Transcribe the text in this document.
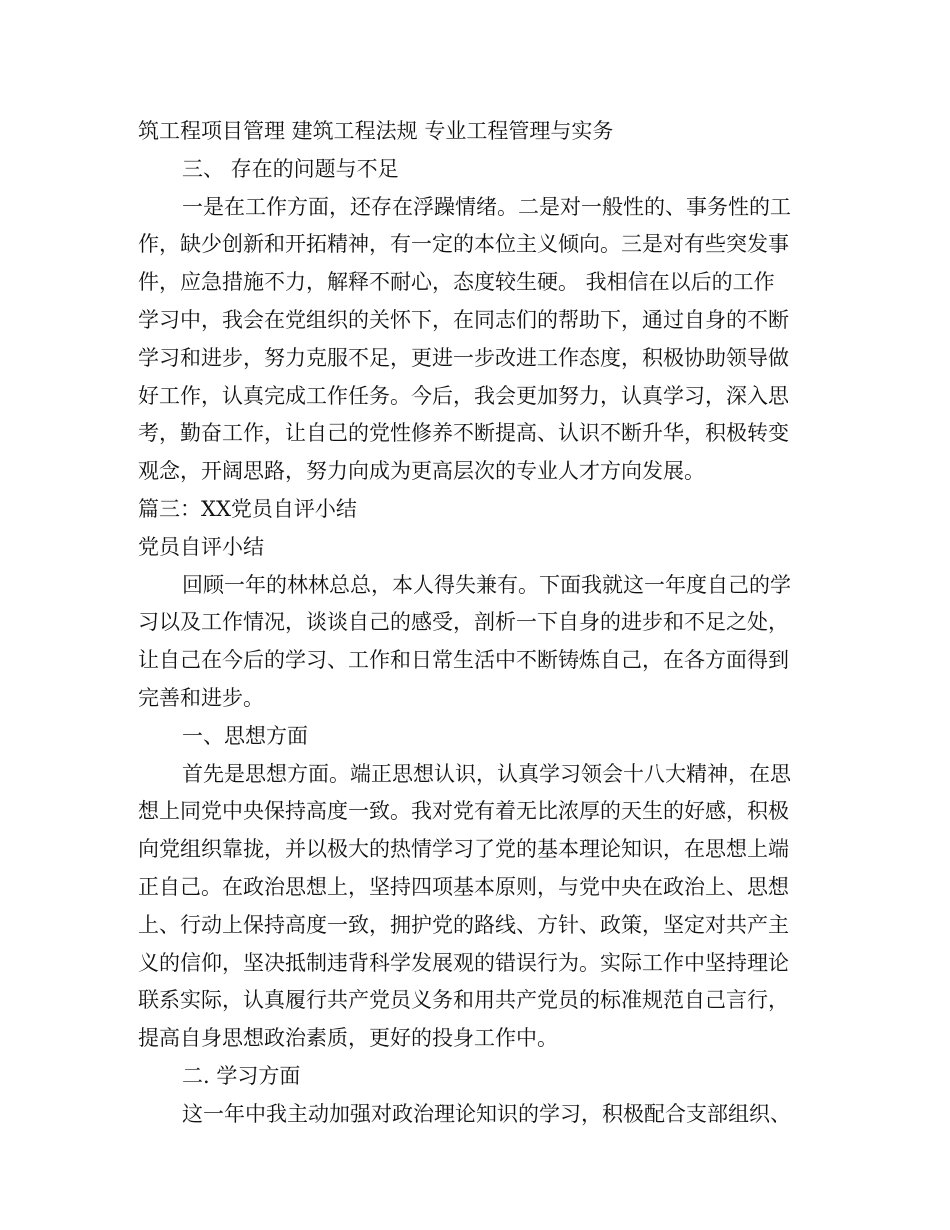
筑工程项目管理 建筑工程法规 专业工程管理与实务
三、 存在的问题与不足
一是在工作方面，还存在浮躁情绪。二是对一般性的、事务性的工
作，缺少创新和开拓精神，有一定的本位主义倾向。三是对有些突发事
件，应急措施不力，解释不耐心，态度较生硬。 我相信在以后的工作
学习中，我会在党组织的关怀下，在同志们的帮助下，通过自身的不断
学习和进步，努力克服不足，更进一步改进工作态度，积极协助领导做
好工作，认真完成工作任务。今后，我会更加努力，认真学习，深入思
考，勤奋工作，让自己的党性修养不断提高、认识不断升华，积极转变
观念，开阔思路，努力向成为更高层次的专业人才方向发展。
篇三：XX党员自评小结
党员自评小结
回顾一年的林林总总，本人得失兼有。下面我就这一年度自己的学
习以及工作情况，谈谈自己的感受，剖析一下自身的进步和不足之处，
让自己在今后的学习、工作和日常生活中不断铸炼自己，在各方面得到
完善和进步。
一、思想方面
首先是思想方面。端正思想认识，认真学习领会十八大精神，在思
想上同党中央保持高度一致。我对党有着无比浓厚的天生的好感，积极
向党组织靠拢，并以极大的热情学习了党的基本理论知识，在思想上端
正自己。在政治思想上，坚持四项基本原则，与党中央在政治上、思想
上、行动上保持高度一致，拥护党的路线、方针、政策，坚定对共产主
义的信仰，坚决抵制违背科学发展观的错误行为。实际工作中坚持理论
联系实际，认真履行共产党员义务和用共产党员的标准规范自己言行，
提高自身思想政治素质，更好的投身工作中。
二. 学习方面
这一年中我主动加强对政治理论知识的学习，积极配合支部组织、
